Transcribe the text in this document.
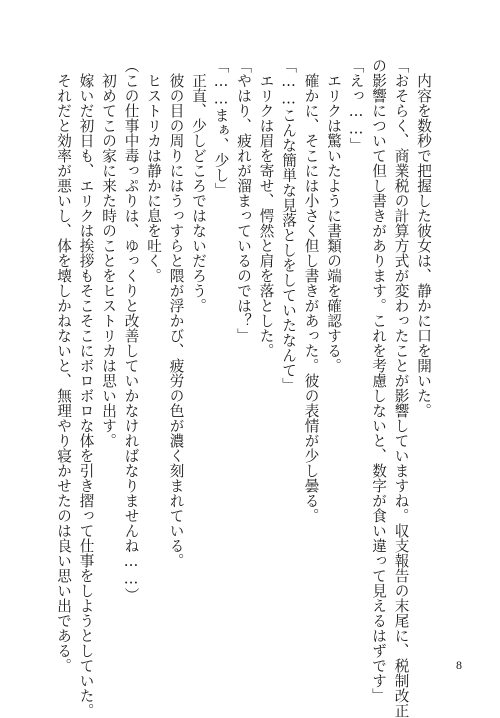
　内容を数秒で把握した彼女は、静かに口を開いた。
「おそらく、商業税の計算方式が変わったことが影響していますね。収支報告の末尾に、税制改正
の影響について但し書きがあります。これを考慮しないと、数字が食い違って見えるはずです」
「えっ……」
　エリクは驚いたように書類の端を確認する。
　確かに、そこには小さく但し書きがあった。彼の表情が少し曇る。
「……こんな簡単な見落としをしていたなんて」
　エリクは眉を寄せ、愕然と肩を落とした。
「やはり、疲れが溜まっているのでは？」
「……まぁ、少し」
　正直、少しどころではないだろう。
　彼の目の周りにはうっすらと隈が浮かび、疲労の色が濃く刻まれている。
　ヒストリカは静かに息を吐く。
（この仕事中毒っぷりは、ゆっくりと改善していかなければなりませんね……）
　初めてこの家に来た時のことをヒストリカは思い出す。
　嫁いだ初日も、エリクは挨拶もそこそこにボロボロな体を引き摺って仕事をしようとしていた。
　それだと効率が悪いし、体を壊しかねないと、無理やり寝かせたのは良い思い出である。	8
